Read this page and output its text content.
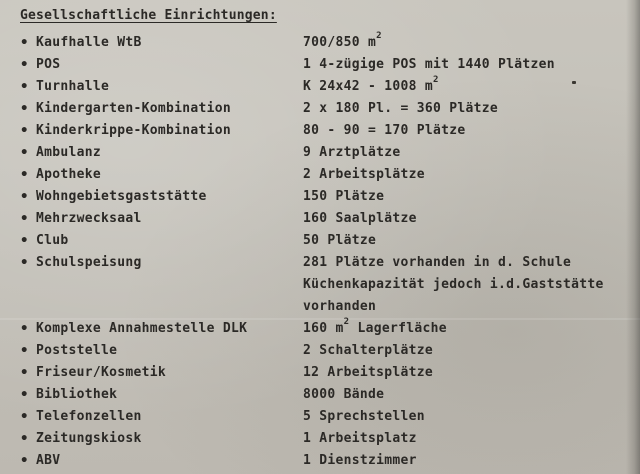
Gesellschaftliche Einrichtungen:
• Kaufhalle WtB	700/850 $m^2$
• POS	1 4-zügige POS mit 1440 Plätzen
• Turnhalle	K 24x42 - 1008 $m^2$
• Kindergarten-Kombination	2 x 180 Pl. = 360 Plätze
• Kinderkrippe-Kombination	80 - 90 = 170 Plätze
• Ambulanz	9 Arztplätze
• Apotheke	2 Arbeitsplätze
• Wohngebietsgaststätte	150 Plätze
• Mehrzwecksaal	160 Saalplätze
• Club	50 Plätze
• Schulspeisung	281 Plätze vorhanden in d. Schule
Küchenkapazität jedoch i.d.Gaststätte
vorhanden
• Komplexe Annahmestelle DLK	160 $m^2$ Lagerfläche
• Poststelle	2 Schalterplätze
• Friseur/Kosmetik	12 Arbeitsplätze
• Bibliothek	8000 Bände
• Telefonzellen	5 Sprechstellen
• Zeitungskiosk	1 Arbeitsplatz
• ABV	1 Dienstzimmer
